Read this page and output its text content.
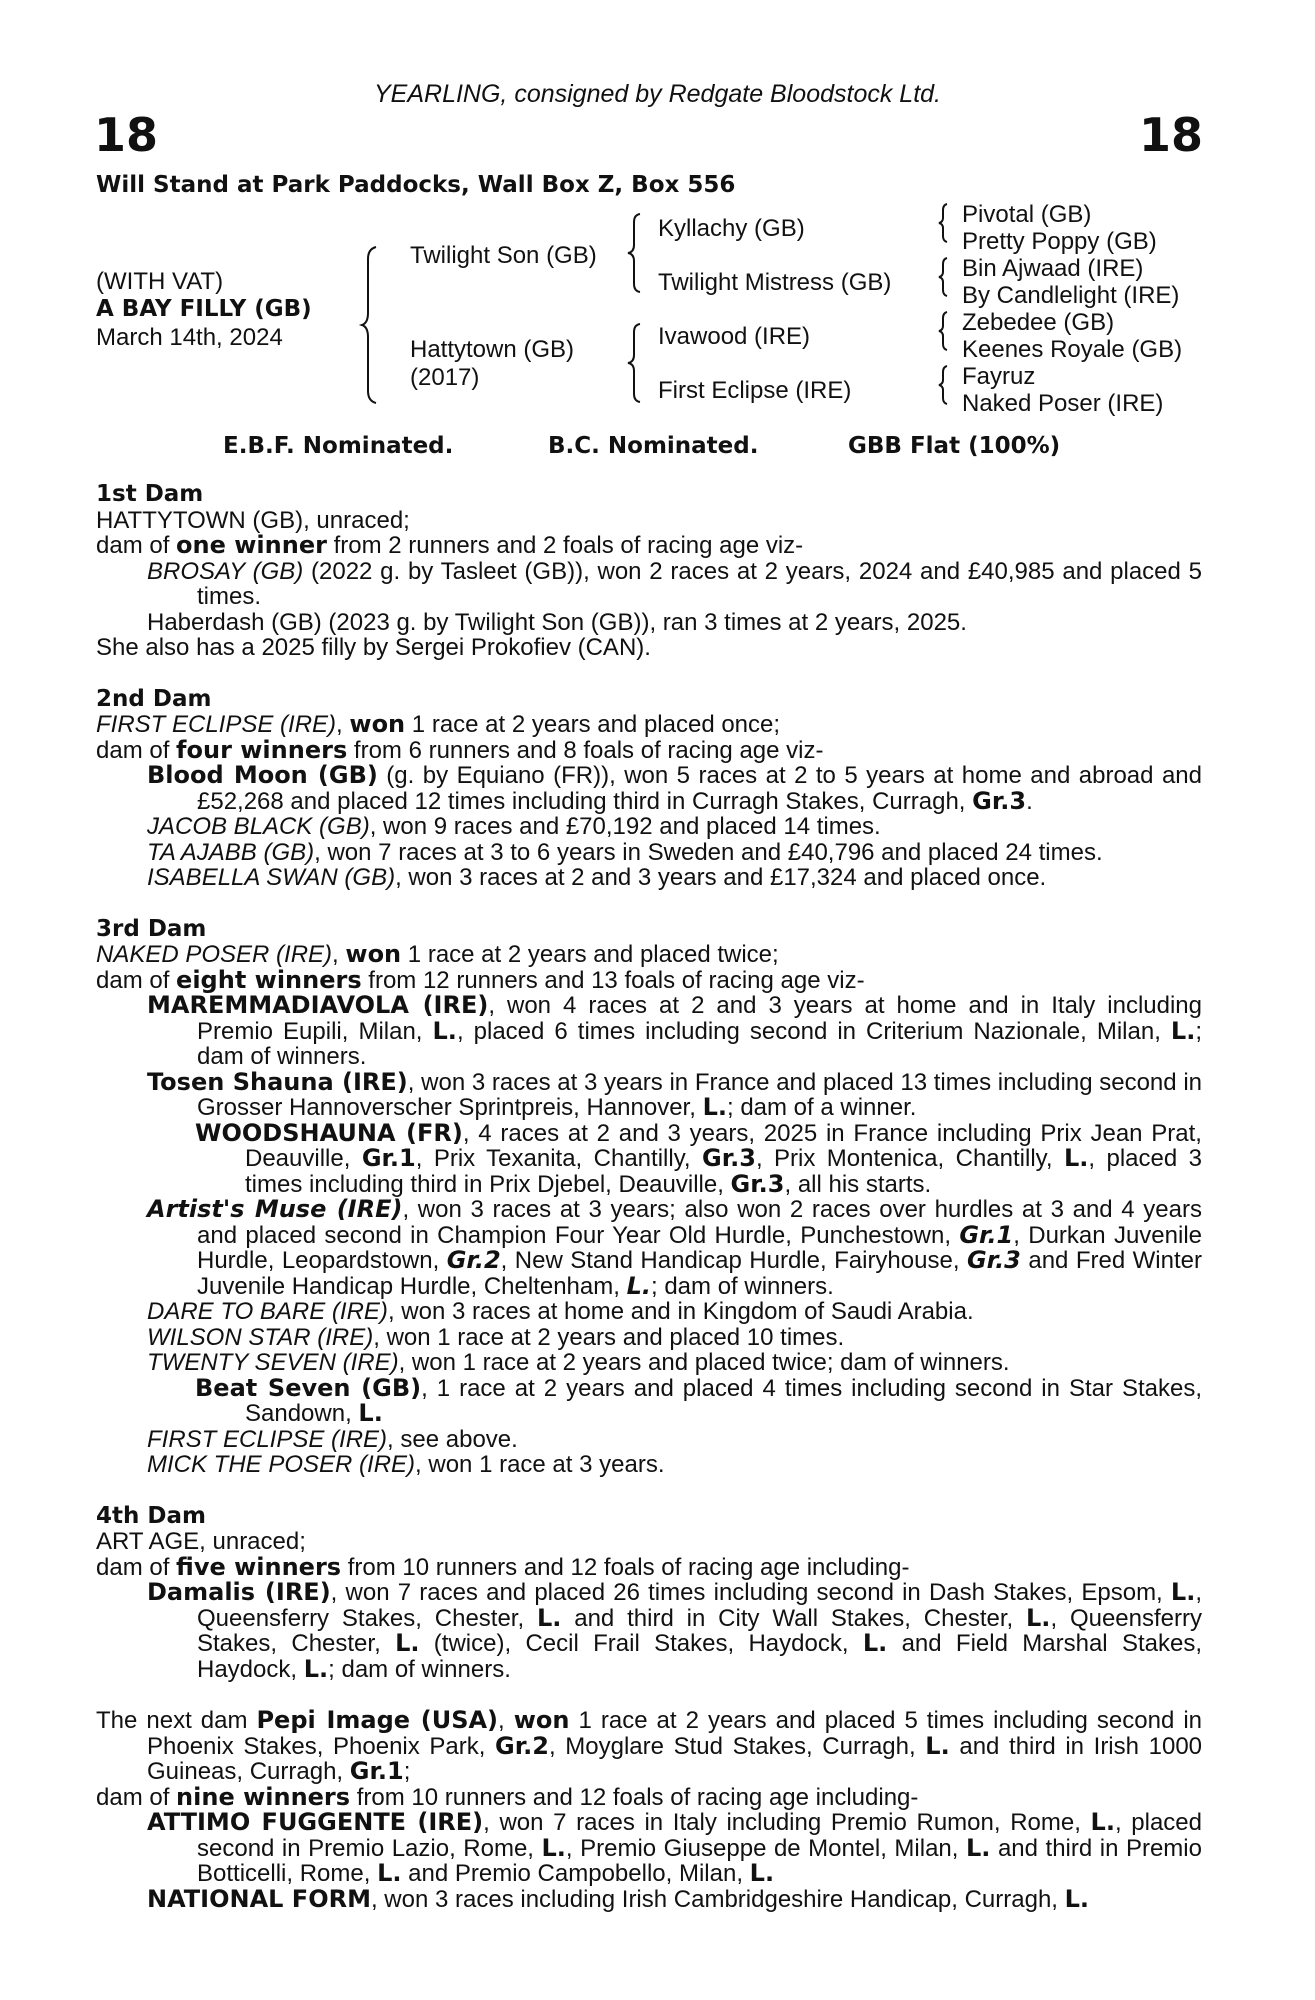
YEARLING, consigned by Redgate Bloodstock Ltd.
18	18
Will Stand at Park Paddocks, Wall Box Z, Box 556
(WITH VAT)
A BAY FILLY (GB)
March 14th, 2024
Twilight Son (GB)
Hattytown (GB)
(2017)
Kyllachy (GB)
Twilight Mistress (GB)
Ivawood (IRE)
First Eclipse (IRE)
Pivotal (GB)
Pretty Poppy (GB)
Bin Ajwaad (IRE)
By Candlelight (IRE)
Zebedee (GB)
Keenes Royale (GB)
Fayruz
Naked Poser (IRE)
E.B.F. Nominated.	B.C. Nominated.	GBB Flat (100%)
1st Dam

HATTYTOWN (GB), unraced;

dam of one winner from 2 runners and 2 foals of racing age viz-

BROSAY (GB) (2022 g. by Tasleet (GB)), won 2 races at 2 years, 2024 and £40,985 and placed 5 times.

Haberdash (GB) (2023 g. by Twilight Son (GB)), ran 3 times at 2 years, 2025.

She also has a 2025 filly by Sergei Prokofiev (CAN).

2nd Dam

FIRST ECLIPSE (IRE), won 1 race at 2 years and placed once;

dam of four winners from 6 runners and 8 foals of racing age viz-

Blood Moon (GB) (g. by Equiano (FR)), won 5 races at 2 to 5 years at home and abroad and £52,268 and placed 12 times including third in Curragh Stakes, Curragh, Gr.3.

JACOB BLACK (GB), won 9 races and £70,192 and placed 14 times.

TA AJABB (GB), won 7 races at 3 to 6 years in Sweden and £40,796 and placed 24 times.

ISABELLA SWAN (GB), won 3 races at 2 and 3 years and £17,324 and placed once.

3rd Dam

NAKED POSER (IRE), won 1 race at 2 years and placed twice;

dam of eight winners from 12 runners and 13 foals of racing age viz-

MAREMMADIAVOLA (IRE), won 4 races at 2 and 3 years at home and in Italy including Premio Eupili, Milan, L., placed 6 times including second in Criterium Nazionale, Milan, L.; dam of winners.

Tosen Shauna (IRE), won 3 races at 3 years in France and placed 13 times including second in Grosser Hannoverscher Sprintpreis, Hannover, L.; dam of a winner.

WOODSHAUNA (FR), 4 races at 2 and 3 years, 2025 in France including Prix Jean Prat, Deauville, Gr.1, Prix Texanita, Chantilly, Gr.3, Prix Montenica, Chantilly, L., placed 3 times including third in Prix Djebel, Deauville, Gr.3, all his starts.

Artist's Muse (IRE), won 3 races at 3 years; also won 2 races over hurdles at 3 and 4 years and placed second in Champion Four Year Old Hurdle, Punchestown, Gr.1, Durkan Juvenile Hurdle, Leopardstown, Gr.2, New Stand Handicap Hurdle, Fairyhouse, Gr.3 and Fred Winter Juvenile Handicap Hurdle, Cheltenham, L.; dam of winners.

DARE TO BARE (IRE), won 3 races at home and in Kingdom of Saudi Arabia.

WILSON STAR (IRE), won 1 race at 2 years and placed 10 times.

TWENTY SEVEN (IRE), won 1 race at 2 years and placed twice; dam of winners.

Beat Seven (GB), 1 race at 2 years and placed 4 times including second in Star Stakes, Sandown, L.

FIRST ECLIPSE (IRE), see above.

MICK THE POSER (IRE), won 1 race at 3 years.

4th Dam

ART AGE, unraced;

dam of five winners from 10 runners and 12 foals of racing age including-

Damalis (IRE), won 7 races and placed 26 times including second in Dash Stakes, Epsom, L., Queensferry Stakes, Chester, L. and third in City Wall Stakes, Chester, L., Queensferry Stakes, Chester, L. (twice), Cecil Frail Stakes, Haydock, L. and Field Marshal Stakes, Haydock, L.; dam of winners.

The next dam Pepi Image (USA), won 1 race at 2 years and placed 5 times including second in Phoenix Stakes, Phoenix Park, Gr.2, Moyglare Stud Stakes, Curragh, L. and third in Irish 1000 Guineas, Curragh, Gr.1;

dam of nine winners from 10 runners and 12 foals of racing age including-

ATTIMO FUGGENTE (IRE), won 7 races in Italy including Premio Rumon, Rome, L., placed second in Premio Lazio, Rome, L., Premio Giuseppe de Montel, Milan, L. and third in Premio Botticelli, Rome, L. and Premio Campobello, Milan, L.

NATIONAL FORM, won 3 races including Irish Cambridgeshire Handicap, Curragh, L.
